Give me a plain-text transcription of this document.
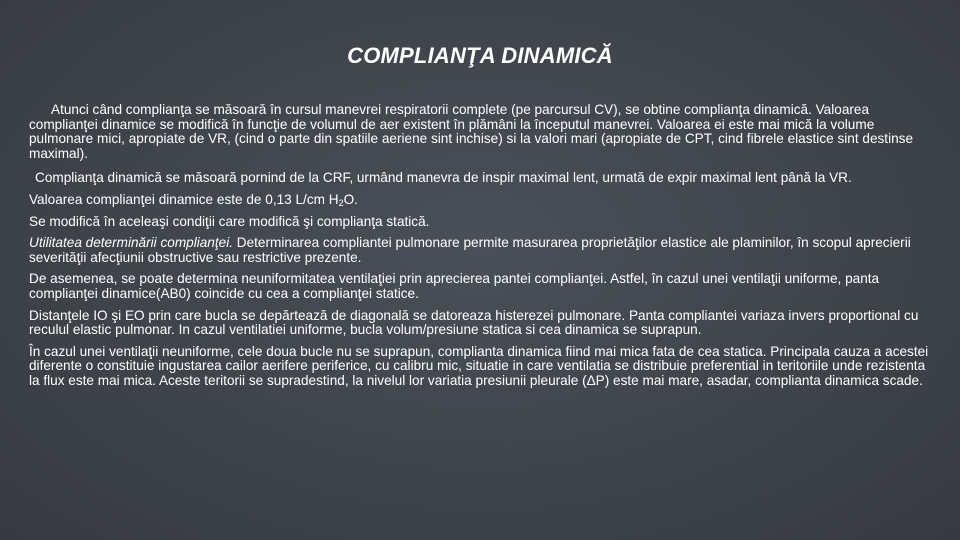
COMPLIANŢA DINAMICĂ

Atunci când complianţa se măsoară în cursul manevrei respiratorii complete (pe parcursul CV), se obtine complianţa dinamică. Valoarea complianţei dinamice se modifică în funcţie de volumul de aer existent în plămâni la începutul manevrei. Valoarea ei este mai mică la volume pulmonare mici, apropiate de VR, (cind o parte din spatiile aeriene sint inchise) si la valori mari (apropiate de CPT, cind fibrele elastice sint destinse maximal).

Complianţa dinamică se măsoară pornind de la CRF, urmând manevra de inspir maximal lent, urmată de expir maximal lent până la VR.

Valoarea complianţei dinamice este de 0,13 L/cm $H_2O$.

Se modifică în aceleaşi condiţii care modifică şi complianţa statică.

Utilitatea determinării complianţei. Determinarea compliantei pulmonare permite masurarea proprietăţilor elastice ale plaminilor, în scopul aprecierii severităţii afecţiunii obstructive sau restrictive prezente.

De asemenea, se poate determina neuniformitatea ventilaţiei prin aprecierea pantei complianţei. Astfel, în cazul unei ventilaţii uniforme, panta complianţei dinamice(AB0) coincide cu cea a complianţei statice.

Distanţele IO şi EO prin care bucla se depărtează de diagonală se datoreaza histerezei pulmonare. Panta compliantei variaza invers proportional cu reculul elastic pulmonar. In cazul ventilatiei uniforme, bucla volum/presiune statica si cea dinamica se suprapun.

În cazul unei ventilaţii neuniforme, cele doua bucle nu se suprapun, complianta dinamica fiind mai mica fata de cea statica. Principala cauza a acestei diferente o constituie ingustarea cailor aerifere periferice, cu calibru mic, situatie in care ventilatia se distribuie preferential in teritoriile unde rezistenta la flux este mai mica. Aceste teritorii se supradestind, la nivelul lor variatia presiunii pleurale (ΔP) este mai mare, asadar, complianta dinamica scade.
